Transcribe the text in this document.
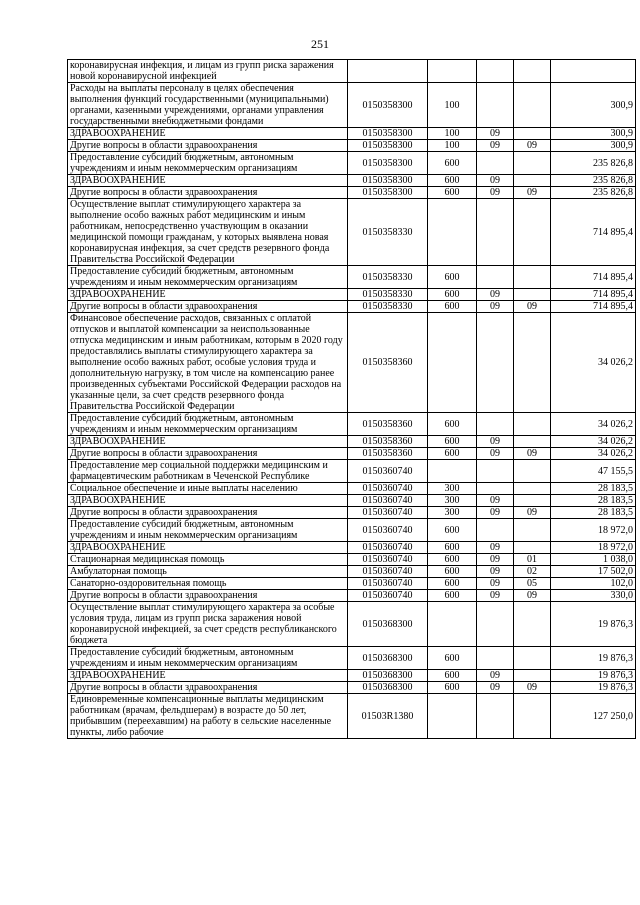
251
коронавирусная инфекция, и лицам из групп риска заражения новой коронавирусной инфекцией					
Расходы на выплаты персоналу в целях обеспечения выполнения функций государственными (муниципальными) органами, казенными учреждениями, органами управления государственными внебюджетными фондами	0150358300	100			300,9
ЗДРАВООХРАНЕНИЕ	0150358300	100	09		300,9
Другие вопросы в области здравоохранения	0150358300	100	09	09	300,9
Предоставление субсидий бюджетным, автономным учреждениям и иным некоммерческим организациям	0150358300	600			235 826,8
ЗДРАВООХРАНЕНИЕ	0150358300	600	09		235 826,8
Другие вопросы в области здравоохранения	0150358300	600	09	09	235 826,8
Осуществление выплат стимулирующего характера за выполнение особо важных работ медицинским и иным работникам, непосредственно участвующим в оказании медицинской помощи гражданам, у которых выявлена новая коронавирусная инфекция, за счет средств резервного фонда Правительства Российской Федерации	0150358330				714 895,4
Предоставление субсидий бюджетным, автономным учреждениям и иным некоммерческим организациям	0150358330	600			714 895,4
ЗДРАВООХРАНЕНИЕ	0150358330	600	09		714 895,4
Другие вопросы в области здравоохранения	0150358330	600	09	09	714 895,4
Финансовое обеспечение расходов, связанных с оплатой отпусков и выплатой компенсации за неиспользованные отпуска медицинским и иным работникам, которым в 2020 году предоставлялись выплаты стимулирующего характера за выполнение особо важных работ, особые условия труда и дополнительную нагрузку, в том числе на компенсацию ранее произведенных субъектами Российской Федерации расходов на указанные цели, за счет средств резервного фонда Правительства Российской Федерации	0150358360				34 026,2
Предоставление субсидий бюджетным, автономным учреждениям и иным некоммерческим организациям	0150358360	600			34 026,2
ЗДРАВООХРАНЕНИЕ	0150358360	600	09		34 026,2
Другие вопросы в области здравоохранения	0150358360	600	09	09	34 026,2
Предоставление мер социальной поддержки медицинским и фармацевтическим работникам в Чеченской Республике	0150360740				47 155,5
Социальное обеспечение и иные выплаты населению	0150360740	300			28 183,5
ЗДРАВООХРАНЕНИЕ	0150360740	300	09		28 183,5
Другие вопросы в области здравоохранения	0150360740	300	09	09	28 183,5
Предоставление субсидий бюджетным, автономным учреждениям и иным некоммерческим организациям	0150360740	600			18 972,0
ЗДРАВООХРАНЕНИЕ	0150360740	600	09		18 972,0
Стационарная медицинская помощь	0150360740	600	09	01	1 038,0
Амбулаторная помощь	0150360740	600	09	02	17 502,0
Санаторно-оздоровительная помощь	0150360740	600	09	05	102,0
Другие вопросы в области здравоохранения	0150360740	600	09	09	330,0
Осуществление выплат стимулирующего характера за особые условия труда, лицам из групп риска заражения новой коронавирусной инфекцией, за счет средств республиканского бюджета	0150368300				19 876,3
Предоставление субсидий бюджетным, автономным учреждениям и иным некоммерческим организациям	0150368300	600			19 876,3
ЗДРАВООХРАНЕНИЕ	0150368300	600	09		19 876,3
Другие вопросы в области здравоохранения	0150368300	600	09	09	19 876,3
Единовременные компенсационные выплаты медицинским работникам (врачам, фельдшерам) в возрасте до 50 лет, прибывшим (переехавшим) на работу в сельские населенные пункты, либо рабочие	01503R1380				127 250,0
